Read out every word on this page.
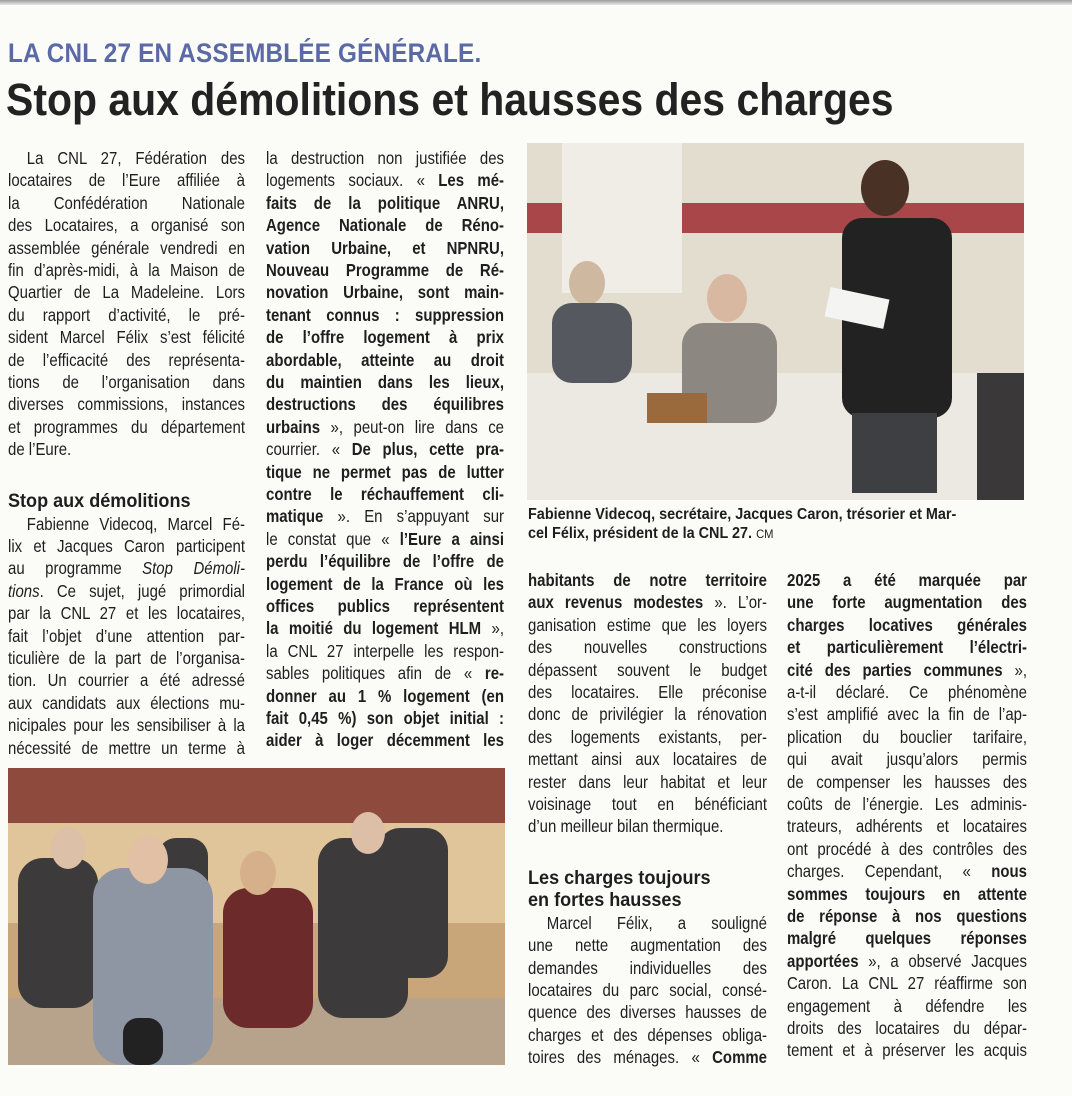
LA CNL 27 EN ASSEMBLÉE GÉNÉRALE.
Stop aux démolitions et hausses des charges
La CNL 27, Fédération des
locataires de l’Eure affiliée à
la Confédération Nationale
des Locataires, a organisé son
assemblée générale vendredi en
fin d’après-midi, à la Maison de
Quartier de La Madeleine. Lors
du rapport d’activité, le pré-
sident Marcel Félix s’est félicité
de l’efficacité des représenta-
tions de l’organisation dans
diverses commissions, instances
et programmes du département
de l’Eure.
Stop aux démolitions
Fabienne Videcoq, Marcel Fé-
lix et Jacques Caron participent
au programme Stop Démoli-
tions. Ce sujet, jugé primordial
par la CNL 27 et les locataires,
fait l’objet d’une attention par-
ticulière de la part de l’organisa-
tion. Un courrier a été adressé
aux candidats aux élections mu-
nicipales pour les sensibiliser à la
nécessité de mettre un terme à
la destruction non justifiée des
logements sociaux. « Les mé-
faits de la politique ANRU,
Agence Nationale de Réno-
vation Urbaine, et NPNRU,
Nouveau Programme de Ré-
novation Urbaine, sont main-
tenant connus : suppression
de l’offre logement à prix
abordable, atteinte au droit
du maintien dans les lieux,
destructions des équilibres
urbains », peut-on lire dans ce
courrier. « De plus, cette pra-
tique ne permet pas de lutter
contre le réchauffement cli-
matique ». En s’appuyant sur
le constat que « l’Eure a ainsi
perdu l’équilibre de l’offre de
logement de la France où les
offices publics représentent
la moitié du logement HLM »,
la CNL 27 interpelle les respon-
sables politiques afin de « re-
donner au 1 % logement (en
fait 0,45 %) son objet initial :
aider à loger décemment les
habitants de notre territoire
aux revenus modestes ». L’or-
ganisation estime que les loyers
des nouvelles constructions
dépassent souvent le budget
des locataires. Elle préconise
donc de privilégier la rénovation
des logements existants, per-
mettant ainsi aux locataires de
rester dans leur habitat et leur
voisinage tout en bénéficiant
d’un meilleur bilan thermique.
Les charges toujours
en fortes hausses
Marcel Félix, a souligné
une nette augmentation des
demandes individuelles des
locataires du parc social, consé-
quence des diverses hausses de
charges et des dépenses obliga-
toires des ménages. « Comme
2025 a été marquée par
une forte augmentation des
charges locatives générales
et particulièrement l’électri-
cité des parties communes »,
a-t-il déclaré. Ce phénomène
s’est amplifié avec la fin de l’ap-
plication du bouclier tarifaire,
qui avait jusqu’alors permis
de compenser les hausses des
coûts de l’énergie. Les adminis-
trateurs, adhérents et locataires
ont procédé à des contrôles des
charges. Cependant, « nous
sommes toujours en attente
de réponse à nos questions
malgré quelques réponses
apportées », a observé Jacques
Caron. La CNL 27 réaffirme son
engagement à défendre les
droits des locataires du dépar-
tement et à préserver les acquis
Fabienne Videcoq, secrétaire, Jacques Caron, trésorier et Mar-
cel Félix, président de la CNL 27. CM
